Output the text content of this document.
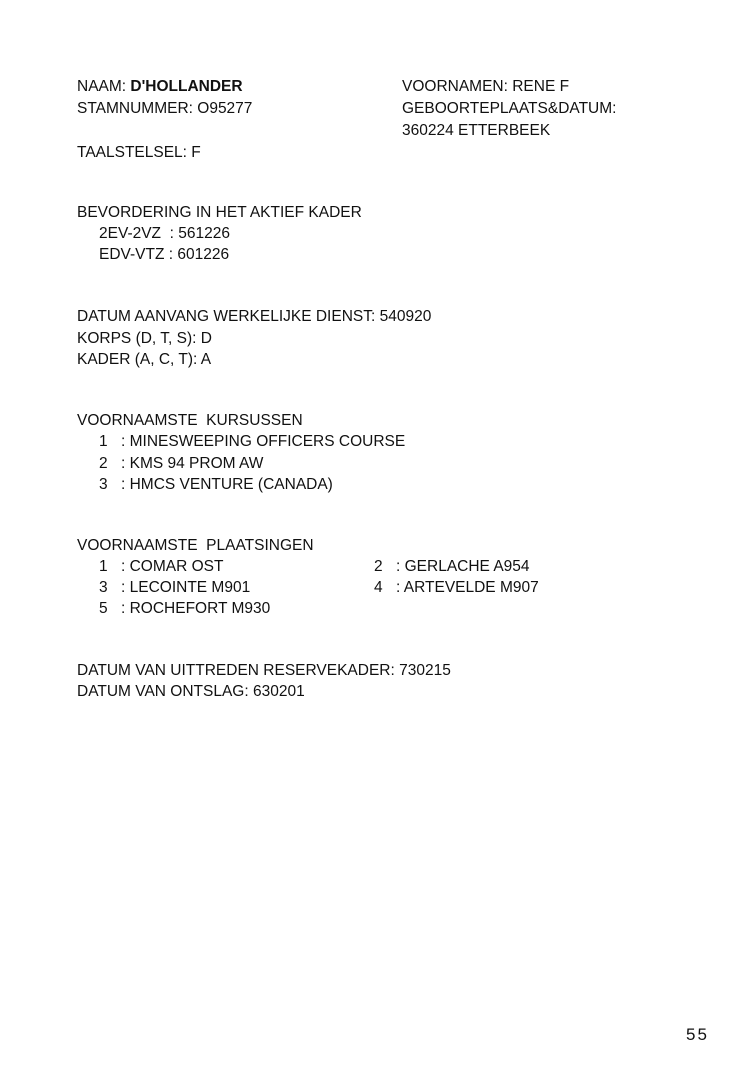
NAAM: D'HOLLANDER
STAMNUMMER: O95277
VOORNAMEN: RENE F
GEBOORTEPLAATS&DATUM:
360224 ETTERBEEK
TAALSTELSEL: F
BEVORDERING IN HET AKTIEF KADER
2EV-2VZ  : 561226
EDV-VTZ : 601226
DATUM AANVANG WERKELIJKE DIENST: 540920
KORPS (D, T, S): D
KADER (A, C, T): A
VOORNAAMSTE  KURSUSSEN
1 : MINESWEEPING OFFICERS COURSE
2 : KMS 94 PROM AW
3 : HMCS VENTURE (CANADA)
VOORNAAMSTE  PLAATSINGEN
1 : COMAR OST	2 : GERLACHE A954
3 : LECOINTE M901	4 : ARTEVELDE M907
5 : ROCHEFORT M930
DATUM VAN UITTREDEN RESERVEKADER: 730215
DATUM VAN ONTSLAG: 630201
55
